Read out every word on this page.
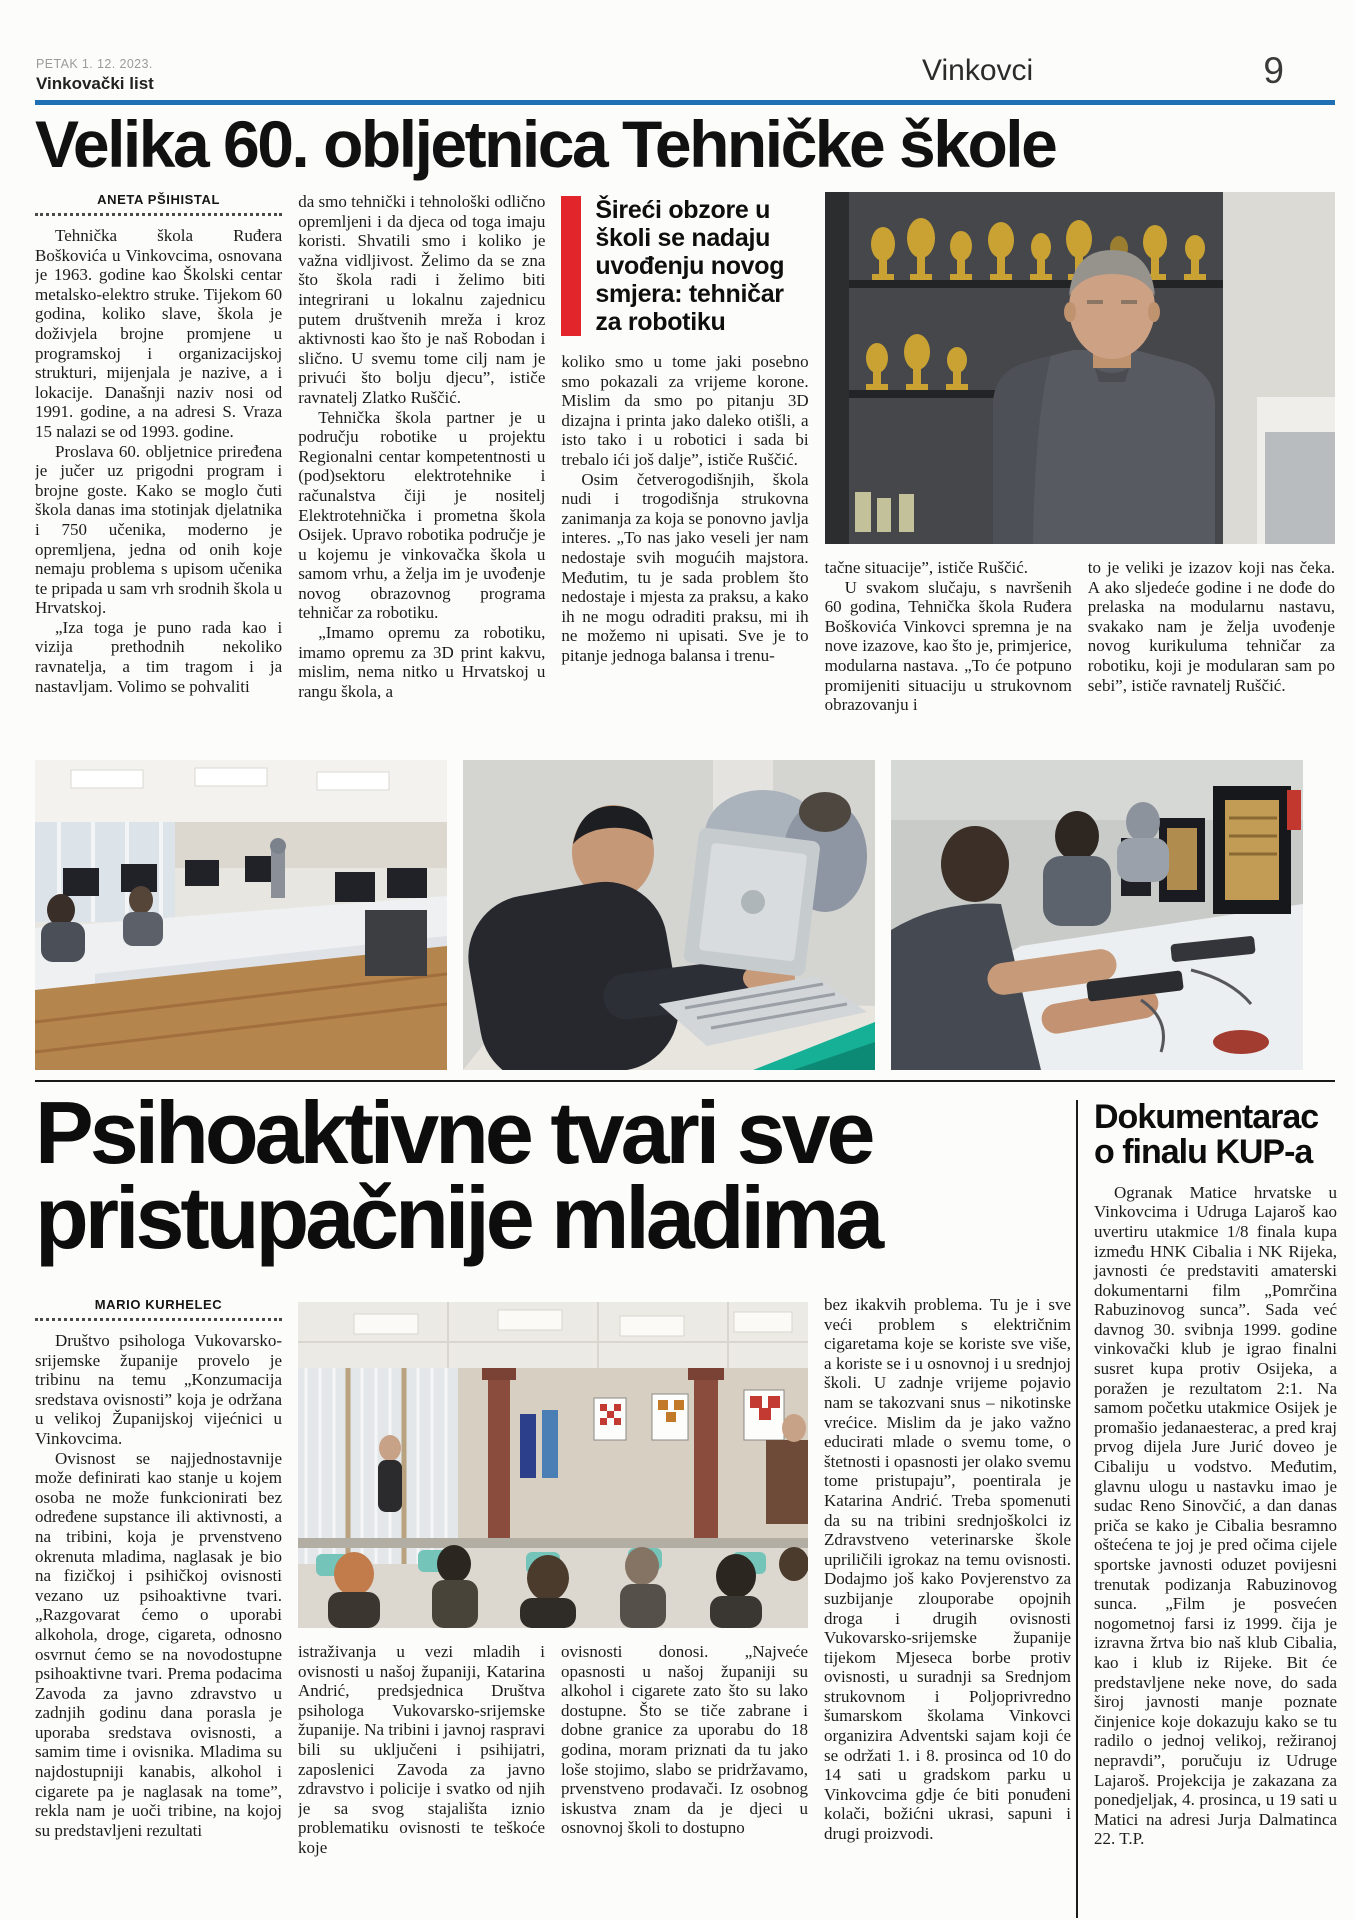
PETAK 1. 12. 2023.
Vinkovački list	Vinkovci	9
Velika 60. obljetnica Tehničke škole
ANETA PŠIHISTAL

Tehnička škola Ruđera Boškovića u Vinkovcima, osnovana je 1963. godine kao Školski centar metalsko-elektro struke. Tijekom 60 godina, koliko slave, škola je doživjela brojne promjene u programskoj i organizacijskoj strukturi, mijenjala je nazive, a i lokacije. Današnji naziv nosi od 1991. godine, a na adresi S. Vraza 15 nalazi se od 1993. godine.

Proslava 60. obljetnice priređena je jučer uz prigodni program i brojne goste. Kako se moglo čuti škola danas ima stotinjak djelatnika i 750 učenika, moderno je opremljena, jedna od onih koje nemaju problema s upisom učenika te pripada u sam vrh srodnih škola u Hrvatskoj.

„Iza toga je puno rada kao i vizija prethodnih nekoliko ravnatelja, a tim tragom i ja nastavljam. Volimo se pohvaliti

da smo tehnički i tehnološki odlično opremljeni i da djeca od toga imaju koristi. Shvatili smo i koliko je važna vidljivost. Želimo da se zna što škola radi i želimo biti integrirani u lokalnu zajednicu putem društvenih mreža i kroz aktivnosti kao što je naš Robodan i slično. U svemu tome cilj nam je privući što bolju djecu”, ističe ravnatelj Zlatko Ruščić.

Tehnička škola partner je u području robotike u projektu Regionalni centar kompetentnosti u (pod)sektoru elektrotehnike i računalstva čiji je nositelj Elektrotehnička i prometna škola Osijek. Upravo robotika područje je u kojemu je vinkovačka škola u samom vrhu, a želja im je uvođenje novog obrazovnog programa tehničar za robotiku.

„Imamo opremu za robotiku, imamo opremu za 3D print kakvu, mislim, nema nitko u Hrvatskoj u rangu škola, a

Šireći obzore u školi se nadaju uvođenju novog smjera: tehničar za robotiku

koliko smo u tome jaki posebno smo pokazali za vrijeme korone. Mislim da smo po pitanju 3D dizajna i printa jako daleko otišli, a isto tako i u robotici i sada bi trebalo ići još dalje”, ističe Ruščić.

Osim četverogodišnjih, škola nudi i trogodišnja strukovna zanimanja za koja se ponovno javlja interes. „To nas jako veseli jer nam nedostaje svih mogućih majstora. Međutim, tu je sada problem što nedostaje i mjesta za praksu, a kako ih ne mogu odraditi praksu, mi ih ne možemo ni upisati. Sve je to pitanje jednoga balansa i trenu-

tačne situacije”, ističe Ruščić.

U svakom slučaju, s navršenih 60 godina, Tehnička škola Ruđera Boškovića Vinkovci spremna je na nove izazove, kao što je, primjerice, modularna nastava. „To će potpuno promijeniti situaciju u strukovnom obrazovanju i

to je veliki je izazov koji nas čeka. A ako sljedeće godine i ne dođe do prelaska na modularnu nastavu, svakako nam je želja uvođenje novog kurikuluma tehničar za robotiku, koji je modularan sam po sebi”, ističe ravnatelj Ruščić.

Psihoaktivne tvari sve pristupačnije mladima
MARIO KURHELEC

Društvo psihologa Vukovarsko-srijemske županije provelo je tribinu na temu „Konzumacija sredstava ovisnosti” koja je održana u velikoj Županijskoj vijećnici u Vinkovcima.

Ovisnost se najjednostavnije može definirati kao stanje u kojem osoba ne može funkcionirati bez određene supstance ili aktivnosti, a na tribini, koja je prvenstveno okrenuta mladima, naglasak je bio na fizičkoj i psihičkoj ovisnosti vezano uz psihoaktivne tvari. „Razgovarat ćemo o uporabi alkohola, droge, cigareta, odnosno osvrnut ćemo se na novodostupne psihoaktivne tvari. Prema podacima Zavoda za javno zdravstvo u zadnjih godinu dana porasla je uporaba sredstava ovisnosti, a samim time i ovisnika. Mladima su najdostupniji kanabis, alkohol i cigarete pa je naglasak na tome”, rekla nam je uoči tribine, na kojoj su predstavljeni rezultati

istraživanja u vezi mladih i ovisnosti u našoj županiji, Katarina Andrić, predsjednica Društva psihologa Vukovarsko-srijemske županije. Na tribini i javnoj raspravi bili su uključeni i psihijatri, zaposlenici Zavoda za javno zdravstvo i policije i svatko od njih je sa svog stajališta iznio problematiku ovisnosti te teškoće koje

ovisnosti donosi. „Najveće opasnosti u našoj županiji su alkohol i cigarete zato što su lako dostupne. Što se tiče zabrane i dobne granice za uporabu do 18 godina, moram priznati da tu jako loše stojimo, slabo se pridržavamo, prvenstveno prodavači. Iz osobnog iskustva znam da je djeci u osnovnoj školi to dostupno

bez ikakvih problema. Tu je i sve veći problem s električnim cigaretama koje se koriste sve više, a koriste se i u osnovnoj i u srednjoj školi. U zadnje vrijeme pojavio nam se takozvani snus – nikotinske vrećice. Mislim da je jako važno educirati mlade o svemu tome, o štetnosti i opasnosti jer olako svemu tome pristupaju”, poentirala je Katarina Andrić. Treba spomenuti da su na tribini srednjoškolci iz Zdravstveno veterinarske škole upriličili igrokaz na temu ovisnosti. Dodajmo još kako Povjerenstvo za suzbijanje zlouporabe opojnih droga i drugih ovisnosti Vukovarsko-srijemske županije tijekom Mjeseca borbe protiv ovisnosti, u suradnji sa Srednjom strukovnom i Poljoprivredno šumarskom školama Vinkovci organizira Adventski sajam koji će se održati 1. i 8. prosinca od 10 do 14 sati u gradskom parku u Vinkovcima gdje će biti ponuđeni kolači, božićni ukrasi, sapuni i drugi proizvodi.

Dokumentarac o finalu KUP-a

Ogranak Matice hrvatske u Vinkovcima i Udruga Lajaroš kao uvertiru utakmice 1/8 finala kupa između HNK Cibalia i NK Rijeka, javnosti će predstaviti amaterski dokumentarni film „Pomrčina Rabuzinovog sunca”. Sada već davnog 30. svibnja 1999. godine vinkovački klub je igrao finalni susret kupa protiv Osijeka, a poražen je rezultatom 2:1. Na samom početku utakmice Osijek je promašio jedanaesterac, a pred kraj prvog dijela Jure Jurić doveo je Cibaliju u vodstvo. Međutim, glavnu ulogu u nastavku imao je sudac Reno Sinovčić, a dan danas priča se kako je Cibalia besramno oštećena te joj je pred očima cijele sportske javnosti oduzet povijesni trenutak podizanja Rabuzinovog sunca. „Film je posvećen nogometnoj farsi iz 1999. čija je izravna žrtva bio naš klub Cibalia, kao i klub iz Rijeke. Bit će predstavljene neke nove, do sada široj javnosti manje poznate činjenice koje dokazuju kako se tu radilo o jednoj velikoj, režiranoj nepravdi”, poručuju iz Udruge Lajaroš. Projekcija je zakazana za ponedjeljak, 4. prosinca, u 19 sati u Matici na adresi Jurja Dalmatinca 22. T.P.
